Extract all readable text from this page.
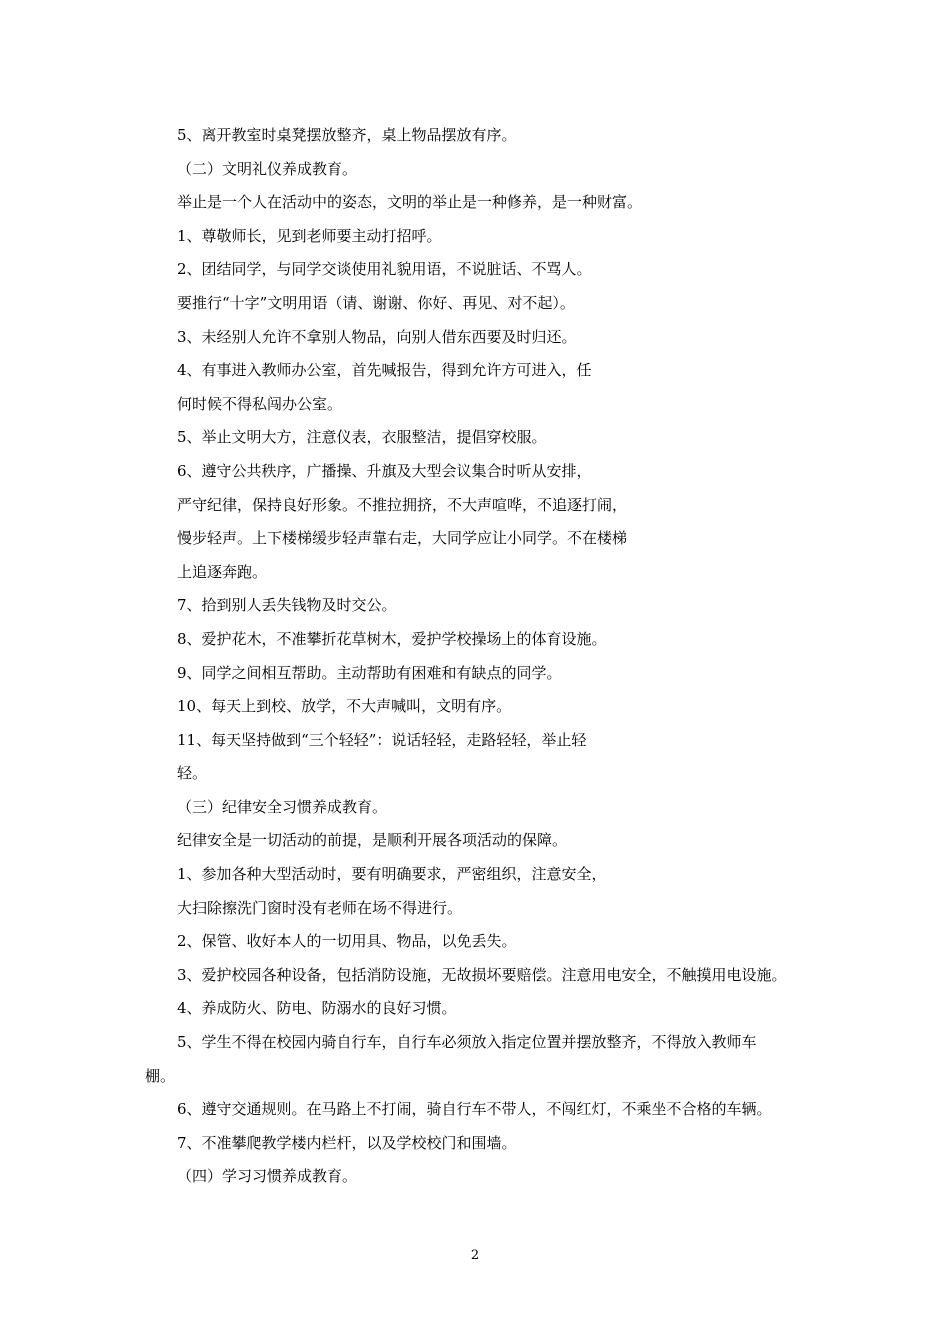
5、离开教室时桌凳摆放整齐，桌上物品摆放有序。
（二）文明礼仪养成教育。
举止是一个人在活动中的姿态，文明的举止是一种修养，是一种财富。
1、尊敬师长，见到老师要主动打招呼。
2、团结同学，与同学交谈使用礼貌用语，不说脏话、不骂人。
要推行“十字”文明用语（请、谢谢、你好、再见、对不起）。
3、未经别人允许不拿别人物品，向别人借东西要及时归还。
4、有事进入教师办公室，首先喊报告，得到允许方可进入，任
何时候不得私闯办公室。
5、举止文明大方，注意仪表，衣服整洁，提倡穿校服。
6、遵守公共秩序，广播操、升旗及大型会议集合时听从安排，
严守纪律，保持良好形象。不推拉拥挤，不大声喧哗，不追逐打闹，
慢步轻声。上下楼梯缓步轻声靠右走，大同学应让小同学。不在楼梯
上追逐奔跑。
7、拾到别人丢失钱物及时交公。
8、爱护花木，不准攀折花草树木，爱护学校操场上的体育设施。
9、同学之间相互帮助。主动帮助有困难和有缺点的同学。
10、每天上到校、放学，不大声喊叫，文明有序。
11、每天坚持做到“三个轻轻”：说话轻轻，走路轻轻，举止轻
轻。
（三）纪律安全习惯养成教育。
纪律安全是一切活动的前提，是顺利开展各项活动的保障。
1、参加各种大型活动时，要有明确要求，严密组织，注意安全，
大扫除擦洗门窗时没有老师在场不得进行。
2、保管、收好本人的一切用具、物品，以免丢失。
3、爱护校园各种设备，包括消防设施，无故损坏要赔偿。注意用电安全，不触摸用电设施。
4、养成防火、防电、防溺水的良好习惯。
5、学生不得在校园内骑自行车，自行车必须放入指定位置并摆放整齐，不得放入教师车
棚。
6、遵守交通规则。在马路上不打闹，骑自行车不带人，不闯红灯，不乘坐不合格的车辆。
7、不准攀爬教学楼内栏杆，以及学校校门和围墙。
（四）学习习惯养成教育。
2
